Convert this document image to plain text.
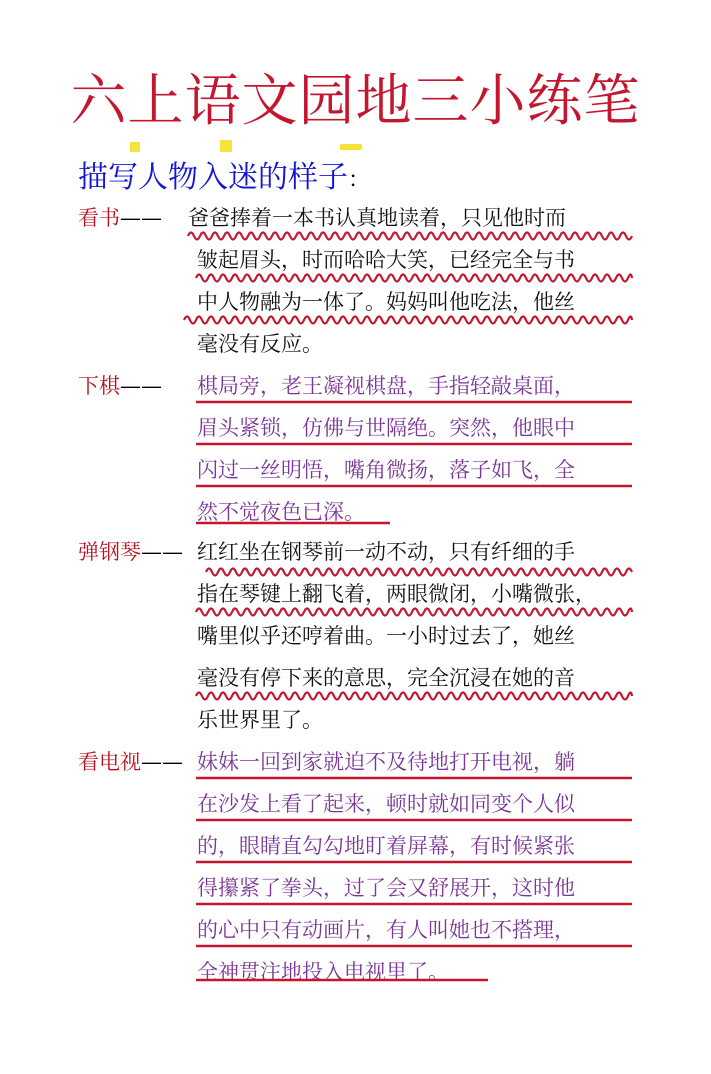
六上语文园地三小练笔
描写人物入迷的样子：
看书—— 爸爸捧着一本书认真地读着，只见他时而
皱起眉头，时而哈哈大笑，已经完全与书
中人物融为一体了。妈妈叫他吃法，他丝
毫没有反应。
下棋—— 棋局旁，老王凝视棋盘，手指轻敲桌面，
眉头紧锁，仿佛与世隔绝。突然，他眼中
闪过一丝明悟，嘴角微扬，落子如飞，全
然不觉夜色已深。
弹钢琴—— 红红坐在钢琴前一动不动，只有纤细的手
指在琴键上翻飞着，两眼微闭，小嘴微张，
嘴里似乎还哼着曲。一小时过去了，她丝
毫没有停下来的意思，完全沉浸在她的音
乐世界里了。
看电视—— 妹妹一回到家就迫不及待地打开电视，躺
在沙发上看了起来，顿时就如同变个人似
的，眼睛直勾勾地盯着屏幕，有时候紧张
得攥紧了拳头，过了会又舒展开，这时他
的心中只有动画片，有人叫她也不搭理，
全神贯注地投入电视里了。
